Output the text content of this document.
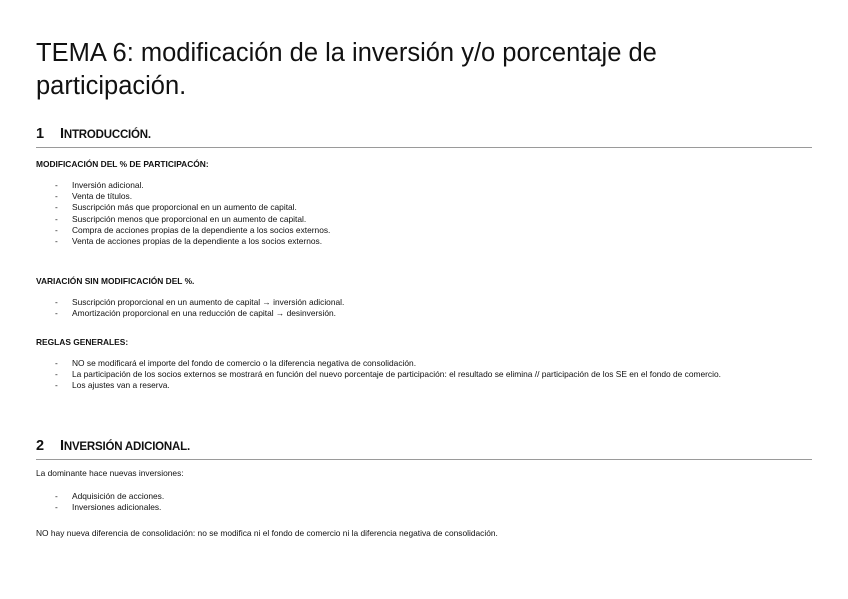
TEMA 6: modificación de la inversión y/o porcentaje de participación.
1 INTRODUCCIÓN.
MODIFICACIÓN DEL % DE PARTICIPACÓN:
- Inversión adicional.
- Venta de títulos.
- Suscripción más que proporcional en un aumento de capital.
- Suscripción menos que proporcional en un aumento de capital.
- Compra de acciones propias de la dependiente a los socios externos.
- Venta de acciones propias de la dependiente a los socios externos.
VARIACIÓN SIN MODIFICACIÓN DEL %.
- Suscripción proporcional en un aumento de capital → inversión adicional.
- Amortización proporcional en una reducción de capital → desinversión.
REGLAS GENERALES:
- NO se modificará el importe del fondo de comercio o la diferencia negativa de consolidación.
- La participación de los socios externos se mostrará en función del nuevo porcentaje de participación: el resultado se elimina // participación de los SE en el fondo de comercio.
- Los ajustes van a reserva.
2 INVERSIÓN ADICIONAL.
La dominante hace nuevas inversiones:
- Adquisición de acciones.
- Inversiones adicionales.
NO hay nueva diferencia de consolidación: no se modifica ni el fondo de comercio ni la diferencia negativa de consolidación.
